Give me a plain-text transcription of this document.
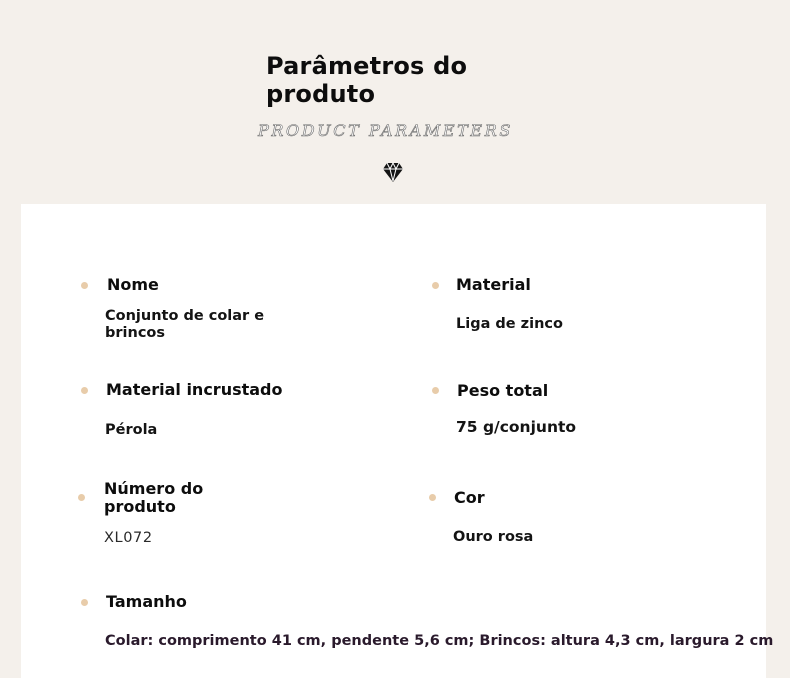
Parâmetros do produto
PRODUCT PARAMETERS
Nome
Conjunto de colar e brincos
Material
Liga de zinco
Material incrustado
Pérola
Peso total
75 g/conjunto
Número do produto
XL072
Cor
Ouro rosa
Tamanho
Colar: comprimento 41 cm, pendente 5,6 cm; Brincos: altura 4,3 cm, largura 2 cm
